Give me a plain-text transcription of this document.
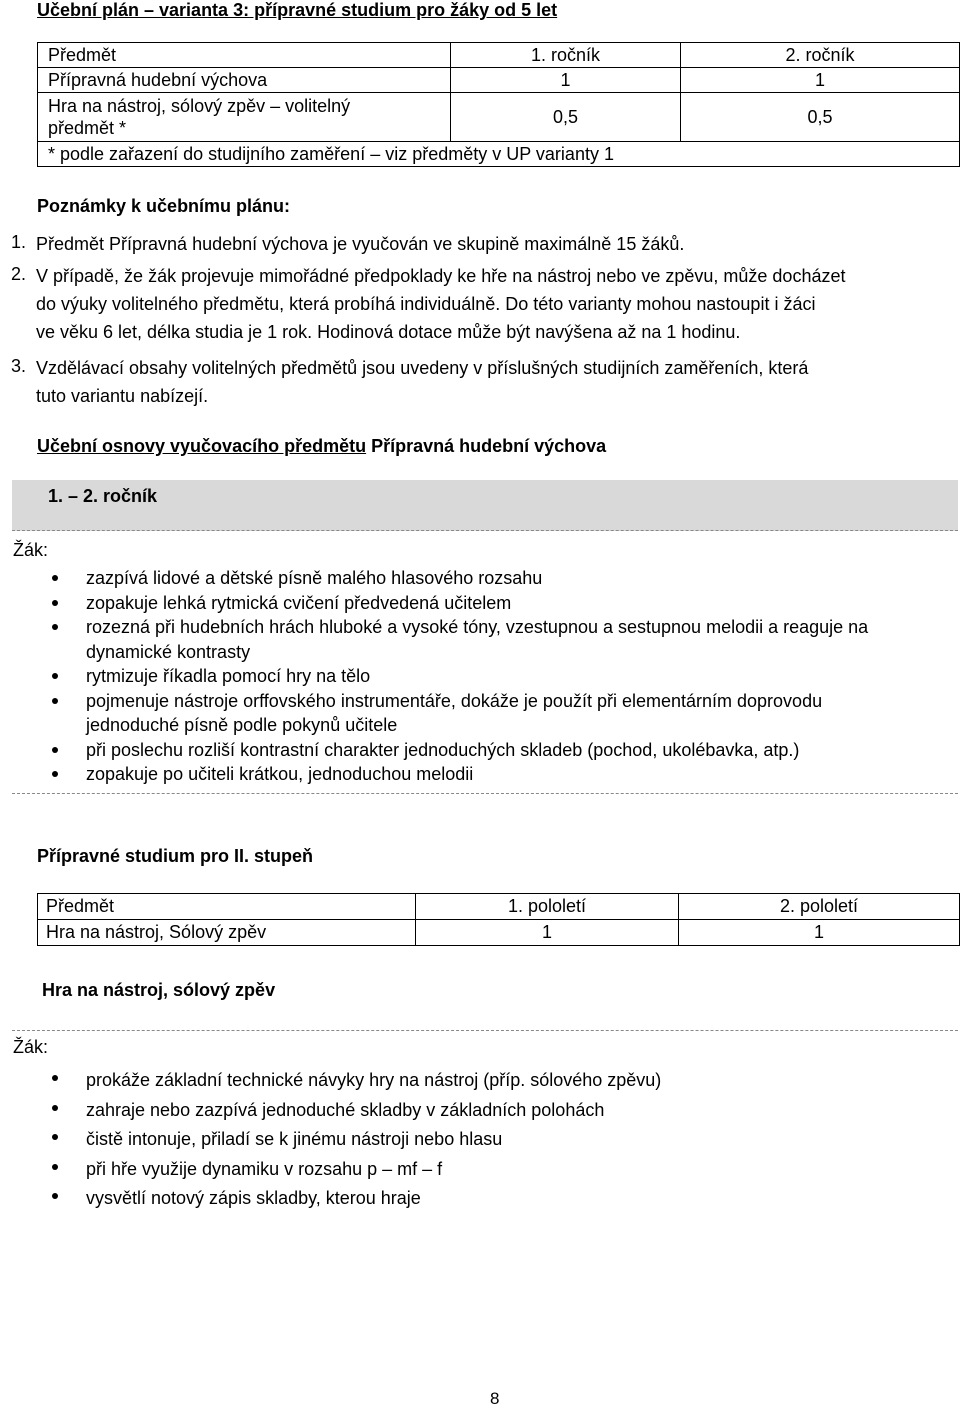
Učební plán – varianta 3: přípravné studium pro žáky od 5 let
Předmět	1. ročník	2. ročník
Přípravná hudební výchova	1	1

Hra na nástroj, sólový zpěv – volitelný
předmět *	0,5	0,5
* podle zařazení do studijního zaměření – viz předměty v UP varianty 1		
Poznámky k učebnímu plánu:
1. Předmět Přípravná hudební výchova je vyučován ve skupině maximálně 15 žáků.
2. V případě, že žák projevuje mimořádné předpoklady ke hře na nástroj nebo ve zpěvu, může docházet
do výuky volitelného předmětu, která probíhá individuálně. Do této varianty mohou nastoupit i žáci
ve věku 6 let, délka studia je 1 rok. Hodinová dotace může být navýšena až na 1 hodinu.
3. Vzdělávací obsahy volitelných předmětů jsou uvedeny v příslušných studijních zaměřeních, která
tuto variantu nabízejí.
Učební osnovy vyučovacího předmětu Přípravná hudební výchova
1. – 2. ročník
Žák:
zazpívá lidové a dětské písně malého hlasového rozsahu
zopakuje lehká rytmická cvičení předvedená učitelem
rozezná při hudebních hrách hluboké a vysoké tóny, vzestupnou a sestupnou melodii a reaguje na dynamické kontrasty
rytmizuje říkadla pomocí hry na tělo
pojmenuje nástroje orffovského instrumentáře, dokáže je použít při elementárním doprovodu jednoduché písně podle pokynů učitele
při poslechu rozliší kontrastní charakter jednoduchých skladeb (pochod, ukolébavka, atp.)
zopakuje po učiteli krátkou, jednoduchou melodii
Přípravné studium pro II. stupeň
Předmět	1. pololetí	2. pololetí
Hra na nástroj, Sólový zpěv	1	1
Hra na nástroj, sólový zpěv
Žák:
prokáže základní technické návyky hry na nástroj (příp. sólového zpěvu)
zahraje nebo zazpívá jednoduché skladby v základních polohách
čistě intonuje, přiladí se k jinému nástroji nebo hlasu
při hře využije dynamiku v rozsahu p – mf – f
vysvětlí notový zápis skladby, kterou hraje
8
